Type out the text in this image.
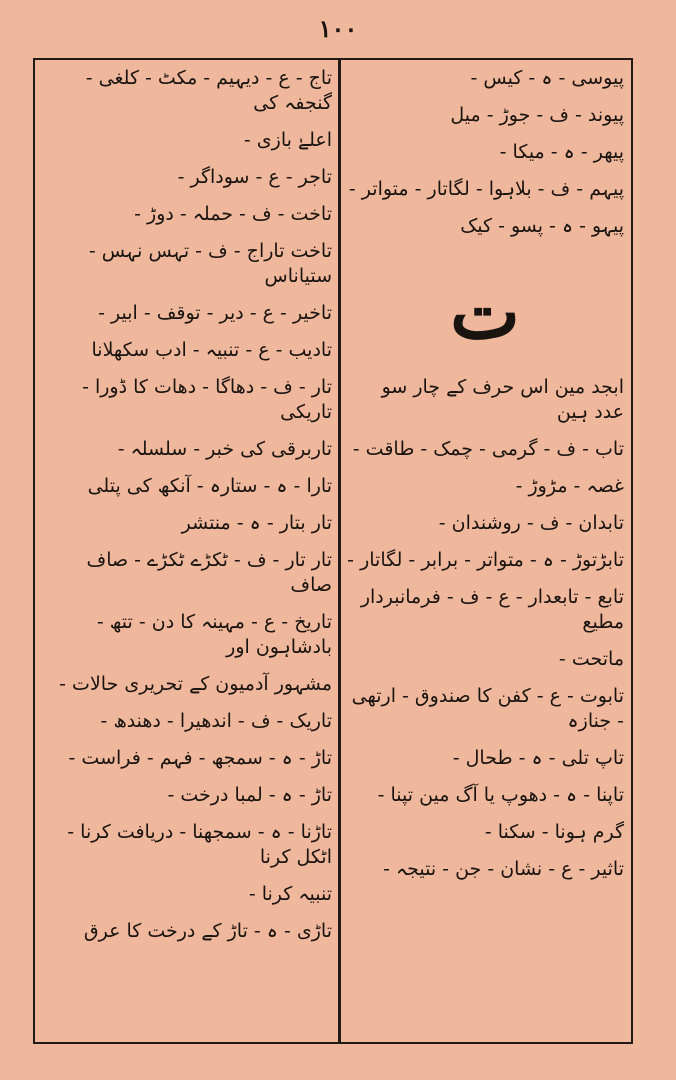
۱۰۰
پیوسی - ہ - کیس -
پیوند - ف - جوڑ - میل
پیھر - ہ - میکا -
پیہم - ف - بلاہوا - لگاتار - متواتر -
پیہو - ہ - پسو - کیک
ت
ابجد مین اس حرف کے چار سو عدد ہین
تاب - ف - گرمی - چمک - طاقت -
غصہ - مڑوڑ -
تابدان - ف - روشندان -
تابڑتوڑ - ہ - متواتر - برابر - لگاتار -
تابع - تابعدار - ع - ف - فرمانبردار مطیع
ماتحت -
تابوت - ع - کفن کا صندوق - ارتھی - جنازہ
تاپ تلی - ہ - طحال -
تاپنا - ہ - دھوپ یا آگ مین تپنا -
گرم ہونا - سکنا -
تاثیر - ع - نشان - جن - نتیجہ -
تاج - ع - دیہیم - مکٹ - کلغی - گنجفہ کی
اعلےٰ بازی -
تاجر - ع - سوداگر -
تاخت - ف - حملہ - دوڑ -
تاخت تاراج - ف - تہس نہس - ستیاناس
تاخیر - ع - دیر - توقف - ابیر -
تادیب - ع - تنبیہ - ادب سکھلانا
تار - ف - دھاگا - دھات کا ڈورا - تاریکی
تاربرقی کی خبر - سلسلہ -
تارا - ہ - ستارہ - آنکھ کی پتلی
تار بتار - ہ - منتشر
تار تار - ف - ٹکڑے ٹکڑے - صاف صاف
تاریخ - ع - مہینہ کا دن - تتھ - بادشاہون اور
مشہور آدمیون کے تحریری حالات -
تاریک - ف - اندھیرا - دھندھ -
تاڑ - ہ - سمجھ - فہم - فراست -
تاڑ - ہ - لمبا درخت -
تاڑنا - ہ - سمجھنا - دریافت کرنا - اٹکل کرنا
تنبیہ کرنا -
تاڑی - ہ - تاڑ کے درخت کا عرق
